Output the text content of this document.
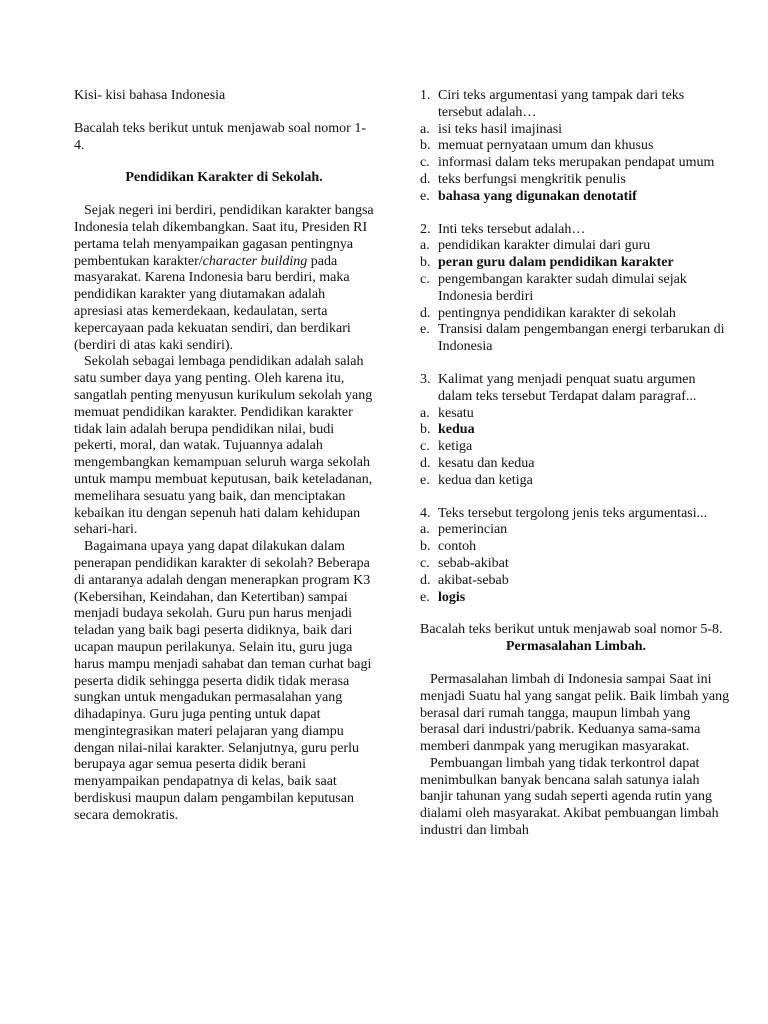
Kisi- kisi bahasa Indonesia

Bacalah teks berikut untuk menjawab soal nomor 1-4.

Pendidikan Karakter di Sekolah.

Sejak negeri ini berdiri, pendidikan karakter bangsa Indonesia telah dikembangkan. Saat itu, Presiden RI pertama telah menyampaikan gagasan pentingnya pembentukan karakter/character building pada masyarakat. Karena Indonesia baru berdiri, maka pendidikan karakter yang diutamakan adalah apresiasi atas kemerdekaan, kedaulatan, serta kepercayaan pada kekuatan sendiri, dan berdikari (berdiri di atas kaki sendiri).

Sekolah sebagai lembaga pendidikan adalah salah satu sumber daya yang penting. Oleh karena itu, sangatlah penting menyusun kurikulum sekolah yang memuat pendidikan karakter. Pendidikan karakter tidak lain adalah berupa pendidikan nilai, budi pekerti, moral, dan watak. Tujuannya adalah mengembangkan kemampuan seluruh warga sekolah untuk mampu membuat keputusan, baik keteladanan, memelihara sesuatu yang baik, dan menciptakan kebaikan itu dengan sepenuh hati dalam kehidupan sehari-hari.

Bagaimana upaya yang dapat dilakukan dalam penerapan pendidikan karakter di sekolah? Beberapa di antaranya adalah dengan menerapkan program K3 (Kebersihan, Keindahan, dan Ketertiban) sampai menjadi budaya sekolah. Guru pun harus menjadi teladan yang baik bagi peserta didiknya, baik dari ucapan maupun perilakunya. Selain itu, guru juga harus mampu menjadi sahabat dan teman curhat bagi peserta didik sehingga peserta didik tidak merasa sungkan untuk mengadukan permasalahan yang dihadapinya. Guru juga penting untuk dapat mengintegrasikan materi pelajaran yang diampu dengan nilai-nilai karakter. Selanjutnya, guru perlu berupaya agar semua peserta didik berani menyampaikan pendapatnya di kelas, baik saat berdiskusi maupun dalam pengambilan keputusan secara demokratis.

1. Ciri teks argumentasi yang tampak dari teks tersebut adalah…
a. isi teks hasil imajinasi
b. memuat pernyataan umum dan khusus
c. informasi dalam teks merupakan pendapat umum
d. teks berfungsi mengkritik penulis
e. bahasa yang digunakan denotatif
2. Inti teks tersebut adalah…
a. pendidikan karakter dimulai dari guru
b. peran guru dalam pendidikan karakter
c. pengembangan karakter sudah dimulai sejak Indonesia berdiri
d. pentingnya pendidikan karakter di sekolah
e. Transisi dalam pengembangan energi terbarukan di Indonesia
3. Kalimat yang menjadi penquat suatu argumen dalam teks tersebut Terdapat dalam paragraf...
a. kesatu
b. kedua
c. ketiga
d. kesatu dan kedua
e. kedua dan ketiga
4. Teks tersebut tergolong jenis teks argumentasi...
a. pemerincian
b. contoh
c. sebab-akibat
d. akibat-sebab
e. logis

Bacalah teks berikut untuk menjawab soal nomor 5-8.

Permasalahan Limbah.

Permasalahan limbah di Indonesia sampai Saat ini menjadi Suatu hal yang sangat pelik. Baik limbah yang berasal dari rumah tangga, maupun limbah yang berasal dari industri/pabrik. Keduanya sama-sama memberi danmpak yang merugikan masyarakat.

Pembuangan limbah yang tidak terkontrol dapat menimbulkan banyak bencana salah satunya ialah banjir tahunan yang sudah seperti agenda rutin yang dialami oleh masyarakat. Akibat pembuangan limbah industri dan limbah
